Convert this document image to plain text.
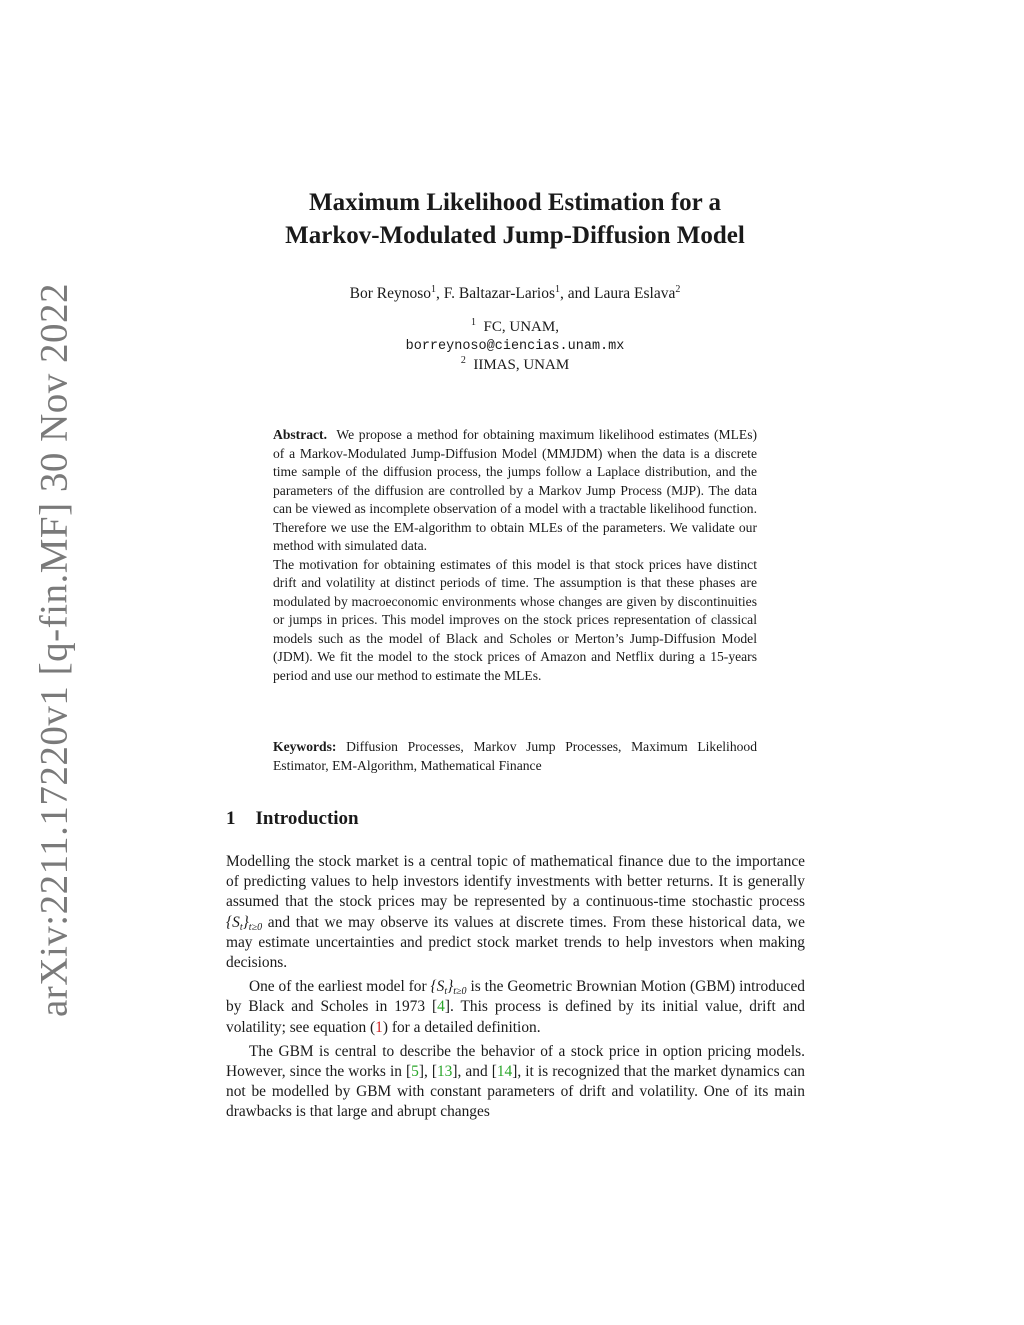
arXiv:2211.17220v1 [q-fin.MF] 30 Nov 2022
Maximum Likelihood Estimation for a
Markov-Modulated Jump-Diffusion Model
Bor Reynoso$^1$, F. Baltazar-Larios$^1$, and Laura Eslava$^2$
$^1$ FC, UNAM,
borreynoso@ciencias.unam.mx
$^2$ IIMAS, UNAM

Abstract. We propose a method for obtaining maximum likelihood estimates (MLEs) of a Markov-Modulated Jump-Diffusion Model (MMJDM) when the data is a discrete time sample of the diffusion process, the jumps follow a Laplace distribution, and the parameters of the diffusion are controlled by a Markov Jump Process (MJP). The data can be viewed as incomplete observation of a model with a tractable likelihood function. Therefore we use the EM-algorithm to obtain MLEs of the parameters. We validate our method with simulated data.

The motivation for obtaining estimates of this model is that stock prices have distinct drift and volatility at distinct periods of time. The assumption is that these phases are modulated by macroeconomic environments whose changes are given by discontinuities or jumps in prices. This model improves on the stock prices representation of classical models such as the model of Black and Scholes or Merton’s Jump-Diffusion Model (JDM). We fit the model to the stock prices of Amazon and Netflix during a 15-years period and use our method to estimate the MLEs.

Keywords: Diffusion Processes, Markov Jump Processes, Maximum Likelihood Estimator, EM-Algorithm, Mathematical Finance
1 Introduction

Modelling the stock market is a central topic of mathematical finance due to the importance of predicting values to help investors identify investments with better returns. It is generally assumed that the stock prices may be represented by a continuous-time stochastic process $\{S_t\}_{t\ge 0}$ and that we may observe its values at discrete times. From these historical data, we may estimate uncertainties and predict stock market trends to help investors when making decisions.

One of the earliest model for $\{S_t\}_{t\ge 0}$ is the Geometric Brownian Motion (GBM) introduced by Black and Scholes in 1973 [4]. This process is defined by its initial value, drift and volatility; see equation (1) for a detailed definition.

The GBM is central to describe the behavior of a stock price in option pricing models. However, since the works in [5], [13], and [14], it is recognized that the market dynamics can not be modelled by GBM with constant parameters of drift and volatility. One of its main drawbacks is that large and abrupt changes
